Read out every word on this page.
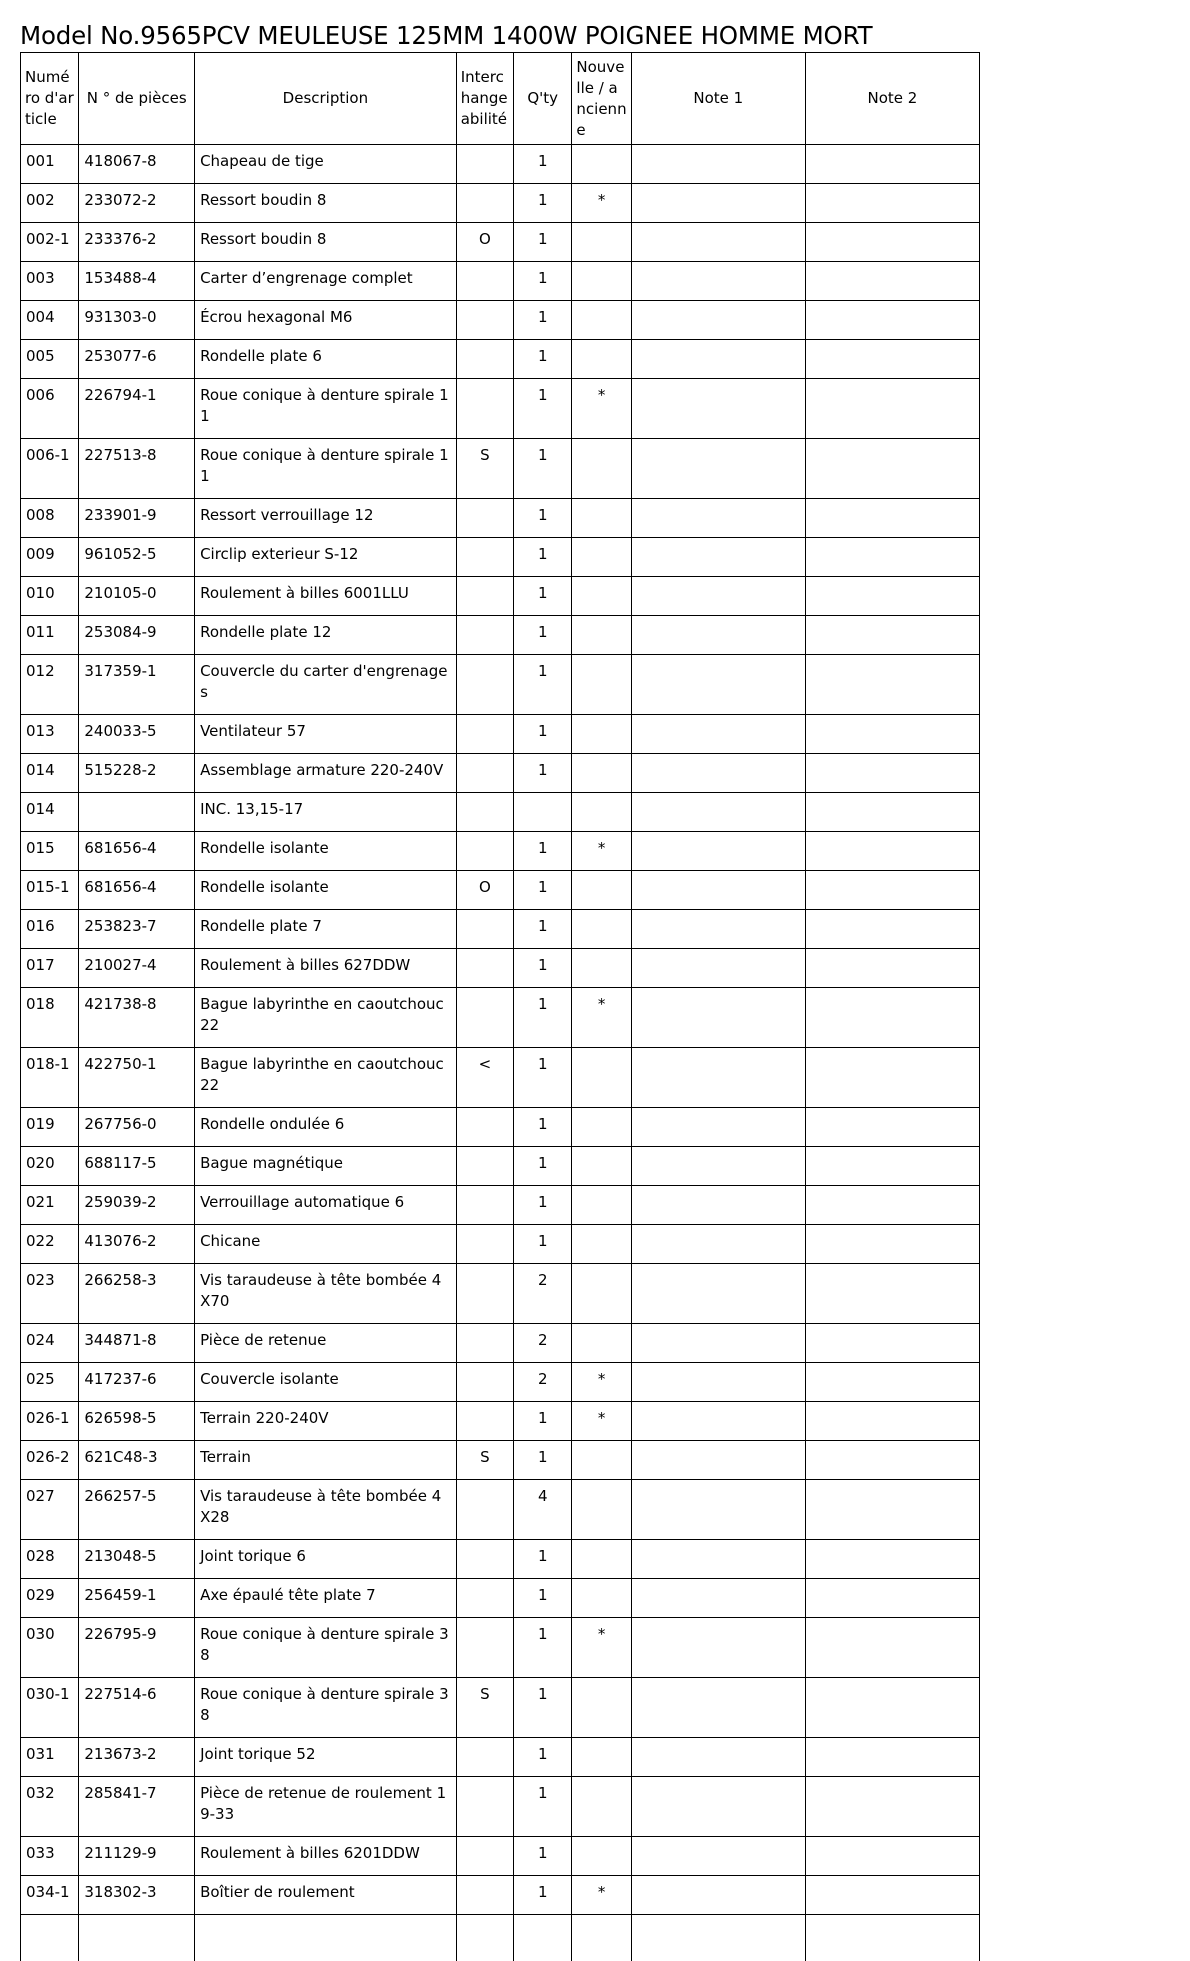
Model No.9565PCV MEULEUSE 125MM 1400W POIGNEE HOMME MORT
Numéro d'article	N ° de pièces	Description	Interchangeabilité	Q'ty	Nouvelle / ancienne	Note 1	Note 2
001	418067-8	Chapeau de tige		1			
002	233072-2	Ressort boudin 8		1	*		
002-1	233376-2	Ressort boudin 8	O	1			
003	153488-4	Carter d’engrenage complet		1			
004	931303-0	Écrou hexagonal M6		1			
005	253077-6	Rondelle plate 6		1			
006	226794-1	Roue conique à denture spirale 11		1	*		
006-1	227513-8	Roue conique à denture spirale 11	S	1			
008	233901-9	Ressort verrouillage 12		1			
009	961052-5	Circlip exterieur S-12		1			
010	210105-0	Roulement à billes 6001LLU		1			
011	253084-9	Rondelle plate 12		1			
012	317359-1	Couvercle du carter d'engrenages		1			
013	240033-5	Ventilateur 57		1			
014	515228-2	Assemblage armature 220-240V		1			
014		INC. 13,15-17					
015	681656-4	Rondelle isolante		1	*		
015-1	681656-4	Rondelle isolante	O	1			
016	253823-7	Rondelle plate 7		1			
017	210027-4	Roulement à billes 627DDW		1			
018	421738-8	Bague labyrinthe en caoutchouc 22		1	*		
018-1	422750-1	Bague labyrinthe en caoutchouc 22	<	1			
019	267756-0	Rondelle ondulée 6		1			
020	688117-5	Bague magnétique		1			
021	259039-2	Verrouillage automatique 6		1			
022	413076-2	Chicane		1			
023	266258-3	Vis taraudeuse à tête bombée 4X70		2			
024	344871-8	Pièce de retenue		2			
025	417237-6	Couvercle isolante		2	*		
026-1	626598-5	Terrain 220-240V		1	*		
026-2	621C48-3	Terrain	S	1			
027	266257-5	Vis taraudeuse à tête bombée 4X28		4			
028	213048-5	Joint torique 6		1			
029	256459-1	Axe épaulé tête plate 7		1			
030	226795-9	Roue conique à denture spirale 38		1	*		
030-1	227514-6	Roue conique à denture spirale 38	S	1			
031	213673-2	Joint torique 52		1			
032	285841-7	Pièce de retenue de roulement 19-33		1			
033	211129-9	Roulement à billes 6201DDW		1			
034-1	318302-3	Boîtier de roulement		1	*		
